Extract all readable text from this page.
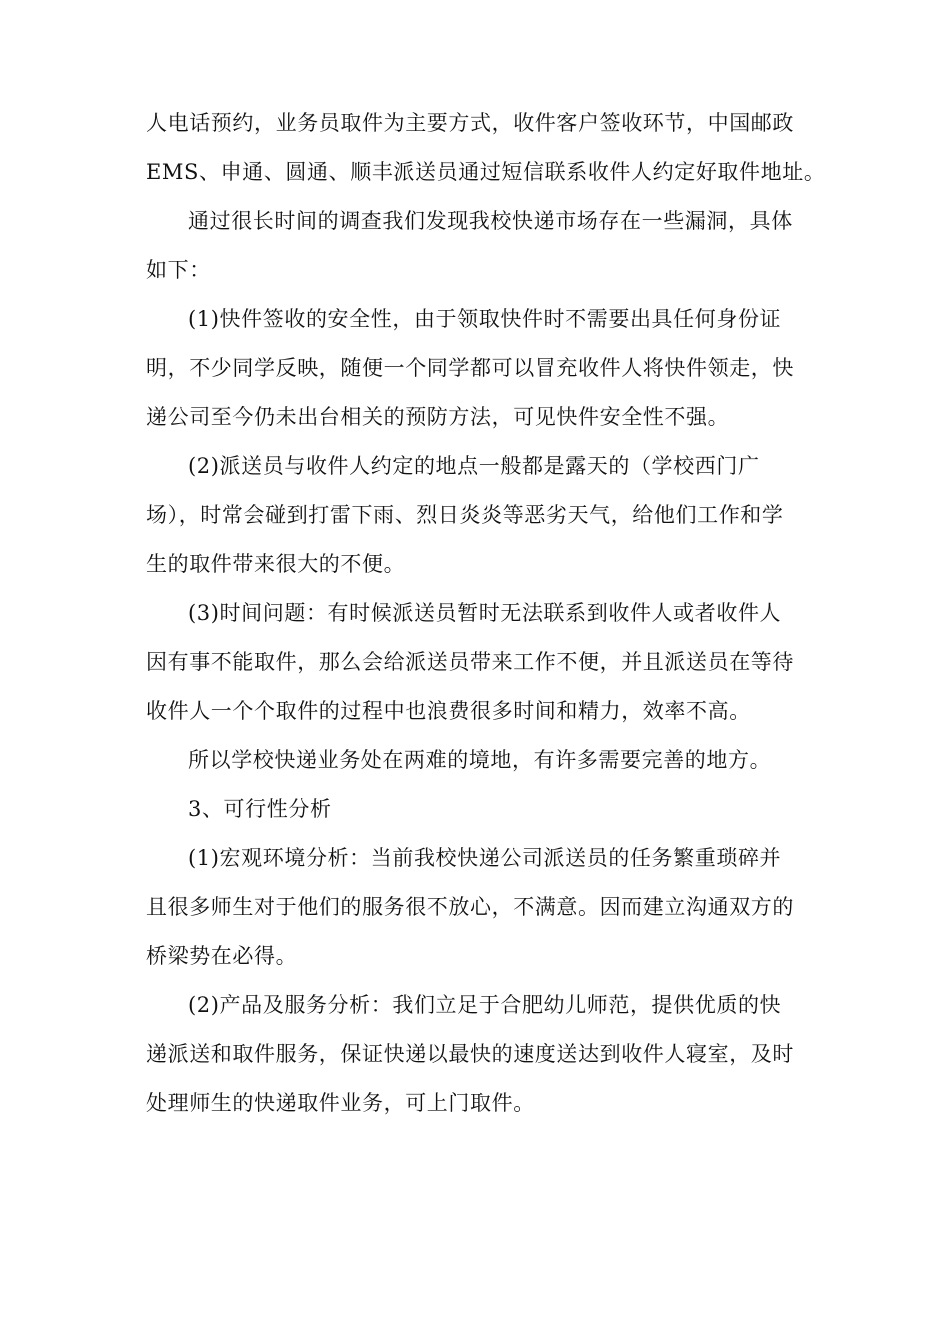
人电话预约，业务员取件为主要方式，收件客户签收环节，中国邮政
EMS、申通、圆通、顺丰派送员通过短信联系收件人约定好取件地址。
通过很长时间的调查我们发现我校快递市场存在一些漏洞，具体
如下：
(1)快件签收的安全性，由于领取快件时不需要出具任何身份证
明，不少同学反映，随便一个同学都可以冒充收件人将快件领走，快
递公司至今仍未出台相关的预防方法，可见快件安全性不强。
(2)派送员与收件人约定的地点一般都是露天的（学校西门广
场），时常会碰到打雷下雨、烈日炎炎等恶劣天气，给他们工作和学
生的取件带来很大的不便。
(3)时间问题：有时候派送员暂时无法联系到收件人或者收件人
因有事不能取件，那么会给派送员带来工作不便，并且派送员在等待
收件人一个个取件的过程中也浪费很多时间和精力，效率不高。
所以学校快递业务处在两难的境地，有许多需要完善的地方。
3、可行性分析
(1)宏观环境分析：当前我校快递公司派送员的任务繁重琐碎并
且很多师生对于他们的服务很不放心，不满意。因而建立沟通双方的
桥梁势在必得。
(2)产品及服务分析：我们立足于合肥幼儿师范，提供优质的快
递派送和取件服务，保证快递以最快的速度送达到收件人寝室，及时
处理师生的快递取件业务，可上门取件。
